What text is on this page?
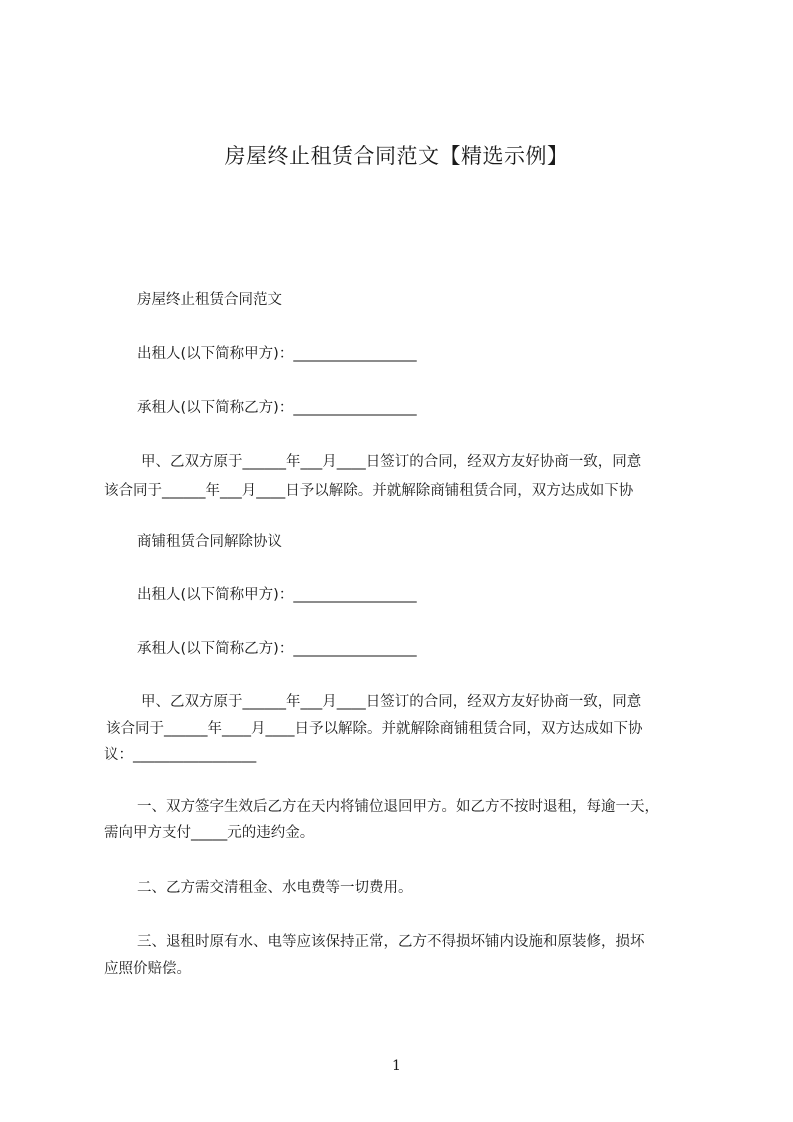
房屋终止租赁合同范文【精选示例】
房屋终止租赁合同范文
出租人(以下简称甲方)：_________________
承租人(以下简称乙方)：_________________
甲、乙双方原于______年___月____日签订的合同，经双方友好协商一致，同意
该合同于______年___月____日予以解除。并就解除商铺租赁合同，双方达成如下协
商铺租赁合同解除协议
出租人(以下简称甲方)：_________________
承租人(以下简称乙方)：_________________
甲、乙双方原于______年___月____日签订的合同，经双方友好协商一致，同意
该合同于______年____月____日予以解除。并就解除商铺租赁合同，双方达成如下协
议：_________________
一、双方签字生效后乙方在天内将铺位退回甲方。如乙方不按时退租，每逾一天，
需向甲方支付_____元的违约金。
二、乙方需交清租金、水电费等一切费用。
三、退租时原有水、电等应该保持正常，乙方不得损坏铺内设施和原装修，损坏
应照价赔偿。
1
